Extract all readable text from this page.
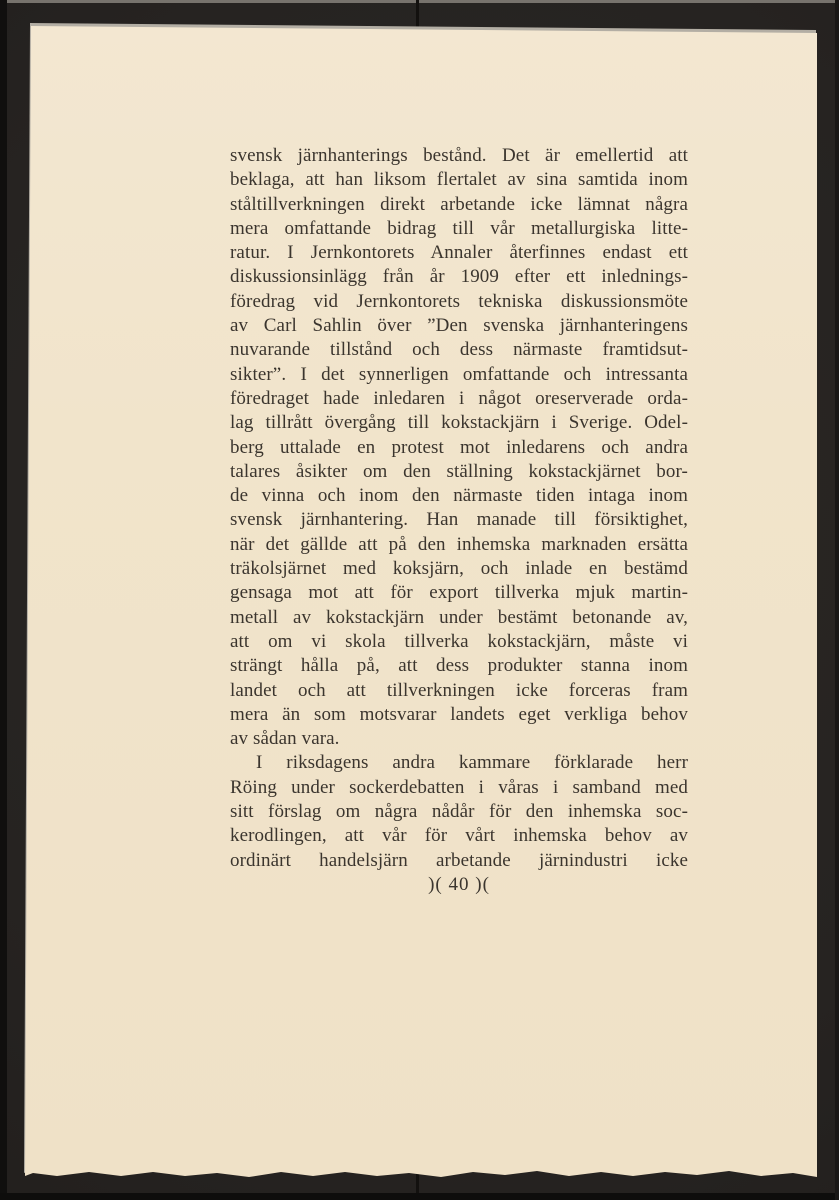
svensk järnhanterings bestånd. Det är emellertid att
beklaga, att han liksom flertalet av sina samtida inom
ståltillverkningen direkt arbetande icke lämnat några
mera omfattande bidrag till vår metallurgiska litte-
ratur. I Jernkontorets Annaler återfinnes endast ett
diskussionsinlägg från år 1909 efter ett inlednings-
föredrag vid Jernkontorets tekniska diskussionsmöte
av Carl Sahlin över ”Den svenska järnhanteringens
nuvarande tillstånd och dess närmaste framtidsut-
sikter”. I det synnerligen omfattande och intressanta
föredraget hade inledaren i något oreserverade orda-
lag tillrått övergång till kokstackjärn i Sverige. Odel-
berg uttalade en protest mot inledarens och andra
talares åsikter om den ställning kokstackjärnet bor-
de vinna och inom den närmaste tiden intaga inom
svensk järnhantering. Han manade till försiktighet,
när det gällde att på den inhemska marknaden ersätta
träkolsjärnet med koksjärn, och inlade en bestämd
gensaga mot att för export tillverka mjuk martin-
metall av kokstackjärn under bestämt betonande av,
att om vi skola tillverka kokstackjärn, måste vi
strängt hålla på, att dess produkter stanna inom
landet och att tillverkningen icke forceras fram
mera än som motsvarar landets eget verkliga behov
av sådan vara.
I riksdagens andra kammare förklarade herr
Röing under sockerdebatten i våras i samband med
sitt förslag om några nådår för den inhemska soc-
kerodlingen, att vår för vårt inhemska behov av
ordinärt handelsjärn arbetande järnindustri icke
)( 40 )(
